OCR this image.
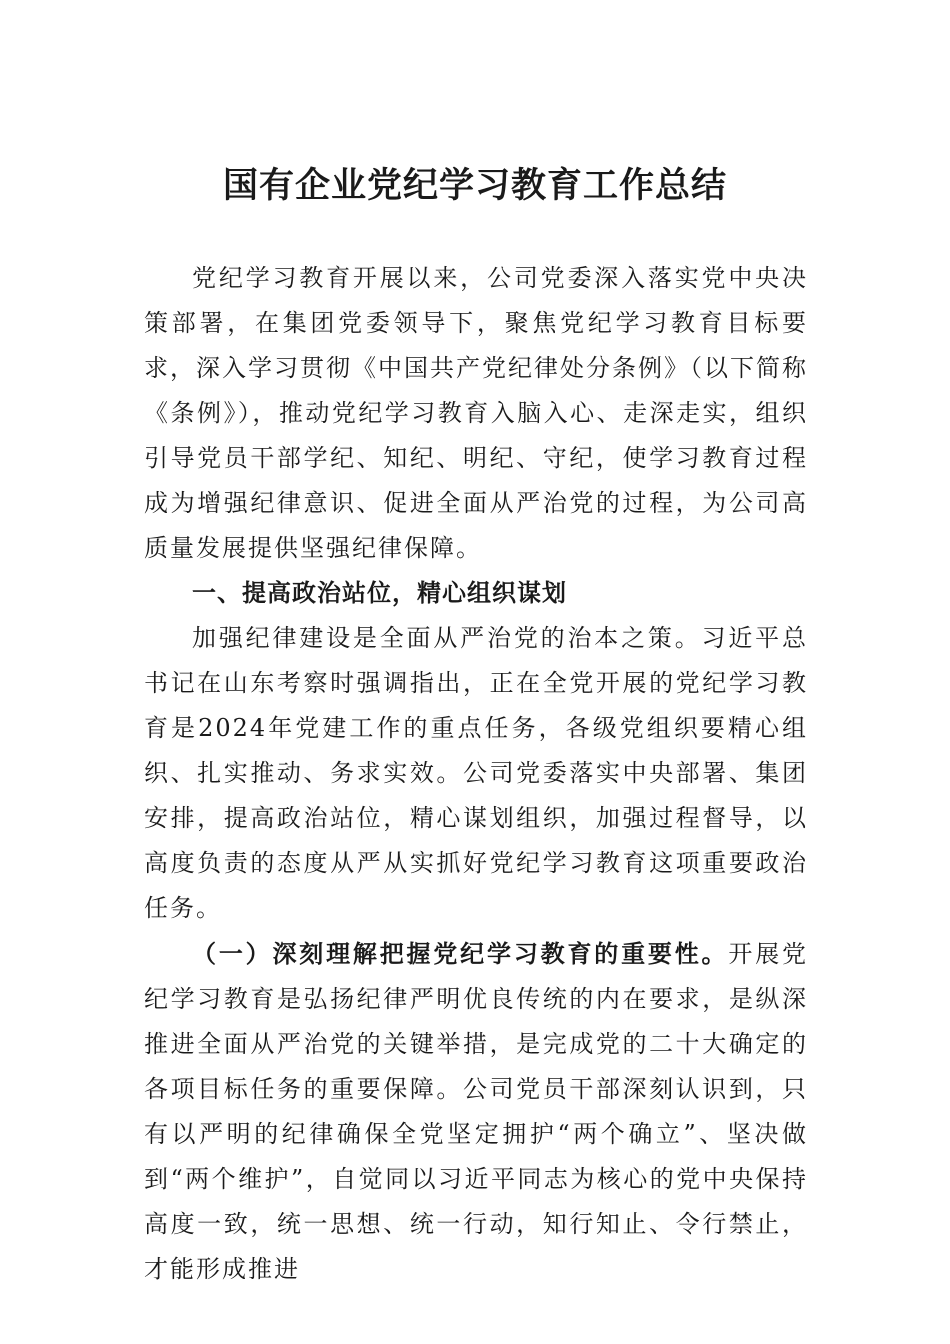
国有企业党纪学习教育工作总结

党纪学习教育开展以来，公司党委深入落实党中央决策部署，在集团党委领导下，聚焦党纪学习教育目标要求，深入学习贯彻《中国共产党纪律处分条例》（以下简称《条例》），推动党纪学习教育入脑入心、走深走实，组织引导党员干部学纪、知纪、明纪、守纪，使学习教育过程成为增强纪律意识、促进全面从严治党的过程，为公司高质量发展提供坚强纪律保障。

一、提高政治站位，精心组织谋划

加强纪律建设是全面从严治党的治本之策。习近平总书记在山东考察时强调指出，正在全党开展的党纪学习教育是2024年党建工作的重点任务，各级党组织要精心组织、扎实推动、务求实效。公司党委落实中央部署、集团安排，提高政治站位，精心谋划组织，加强过程督导，以高度负责的态度从严从实抓好党纪学习教育这项重要政治任务。

（一）深刻理解把握党纪学习教育的重要性。开展党纪学习教育是弘扬纪律严明优良传统的内在要求，是纵深推进全面从严治党的关键举措，是完成党的二十大确定的各项目标任务的重要保障。公司党员干部深刻认识到，只有以严明的纪律确保全党坚定拥护“两个确立”、坚决做到“两个维护”，自觉同以习近平同志为核心的党中央保持高度一致，统一思想、统一行动，知行知止、令行禁止，才能形成推进
